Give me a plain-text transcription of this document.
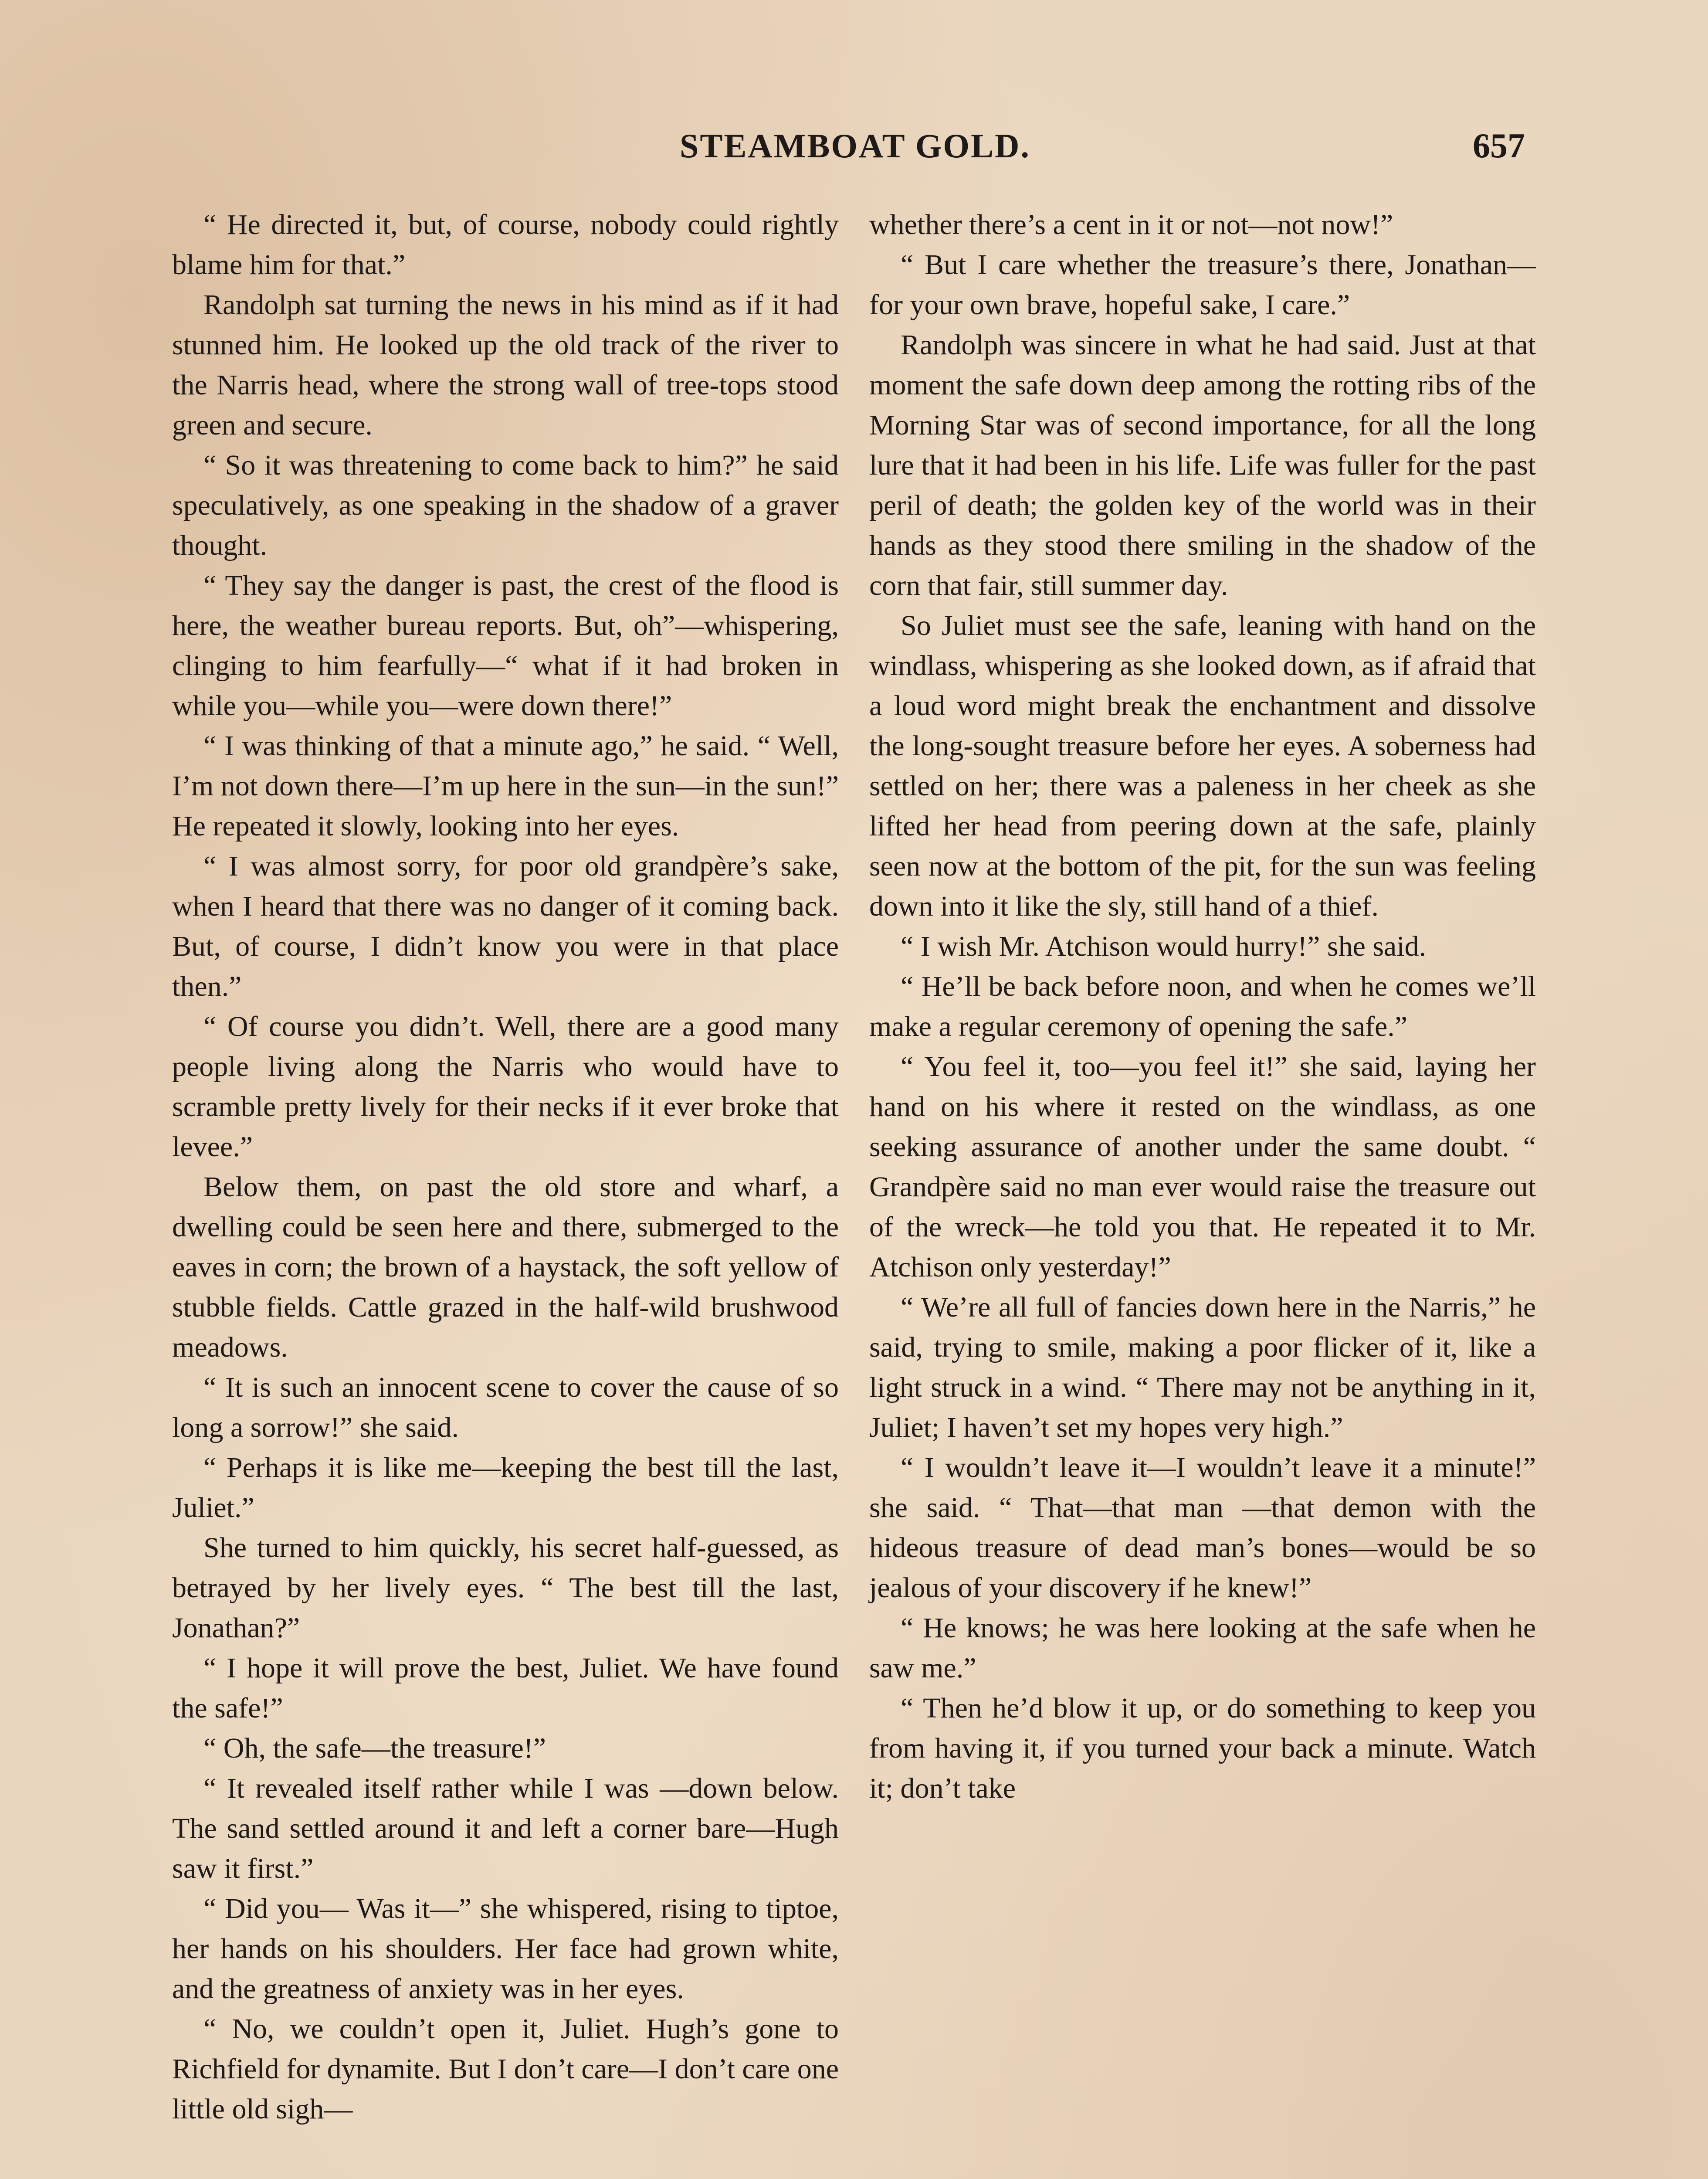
STEAMBOAT GOLD.	657

“ He directed it, but, of course, nobody could rightly blame him for that.”

Randolph sat turning the news in his mind as if it had stunned him. He looked up the old track of the river to the Narris head, where the strong wall of tree-tops stood green and secure.

“ So it was threatening to come back to him?” he said speculatively, as one speaking in the shadow of a graver thought.

“ They say the danger is past, the crest of the flood is here, the weather bureau reports. But, oh”—whispering, clinging to him fearfully—“ what if it had broken in while you—while you—were down there!”

“ I was thinking of that a minute ago,” he said. “ Well, I’m not down there—I’m up here in the sun—in the sun!” He repeated it slowly, looking into her eyes.

“ I was almost sorry, for poor old grandpère’s sake, when I heard that there was no danger of it coming back. But, of course, I didn’t know you were in that place then.”

“ Of course you didn’t. Well, there are a good many people living along the Narris who would have to scramble pretty lively for their necks if it ever broke that levee.”

Below them, on past the old store and wharf, a dwelling could be seen here and there, submerged to the eaves in corn; the brown of a haystack, the soft yellow of stubble fields. Cattle grazed in the half-wild brushwood meadows.

“ It is such an innocent scene to cover the cause of so long a sorrow!” she said.

“ Perhaps it is like me—keeping the best till the last, Juliet.”

She turned to him quickly, his secret half-guessed, as betrayed by her lively eyes. “ The best till the last, Jonathan?”

“ I hope it will prove the best, Juliet. We have found the safe!”

“ Oh, the safe—the treasure!”

“ It revealed itself rather while I was —down below. The sand settled around it and left a corner bare—Hugh saw it first.”

“ Did you— Was it—” she whispered, rising to tiptoe, her hands on his shoulders. Her face had grown white, and the greatness of anxiety was in her eyes.

“ No, we couldn’t open it, Juliet. Hugh’s gone to Richfield for dynamite. But I don’t care—I don’t care one little old sigh—

whether there’s a cent in it or not—not now!”

“ But I care whether the treasure’s there, Jonathan—for your own brave, hopeful sake, I care.”

Randolph was sincere in what he had said. Just at that moment the safe down deep among the rotting ribs of the Morning Star was of second importance, for all the long lure that it had been in his life. Life was fuller for the past peril of death; the golden key of the world was in their hands as they stood there smiling in the shadow of the corn that fair, still summer day.

So Juliet must see the safe, leaning with hand on the windlass, whispering as she looked down, as if afraid that a loud word might break the enchantment and dissolve the long-sought treasure before her eyes. A soberness had settled on her; there was a paleness in her cheek as she lifted her head from peering down at the safe, plainly seen now at the bottom of the pit, for the sun was feeling down into it like the sly, still hand of a thief.

“ I wish Mr. Atchison would hurry!” she said.

“ He’ll be back before noon, and when he comes we’ll make a regular ceremony of opening the safe.”

“ You feel it, too—you feel it!” she said, laying her hand on his where it rested on the windlass, as one seeking assurance of another under the same doubt. “ Grandpère said no man ever would raise the treasure out of the wreck—he told you that. He repeated it to Mr. Atchison only yesterday!”

“ We’re all full of fancies down here in the Narris,” he said, trying to smile, making a poor flicker of it, like a light struck in a wind. “ There may not be anything in it, Juliet; I haven’t set my hopes very high.”

“ I wouldn’t leave it—I wouldn’t leave it a minute!” she said. “ That—that man —that demon with the hideous treasure of dead man’s bones—would be so jealous of your discovery if he knew!”

“ He knows; he was here looking at the safe when he saw me.”

“ Then he’d blow it up, or do something to keep you from having it, if you turned your back a minute. Watch it; don’t take
